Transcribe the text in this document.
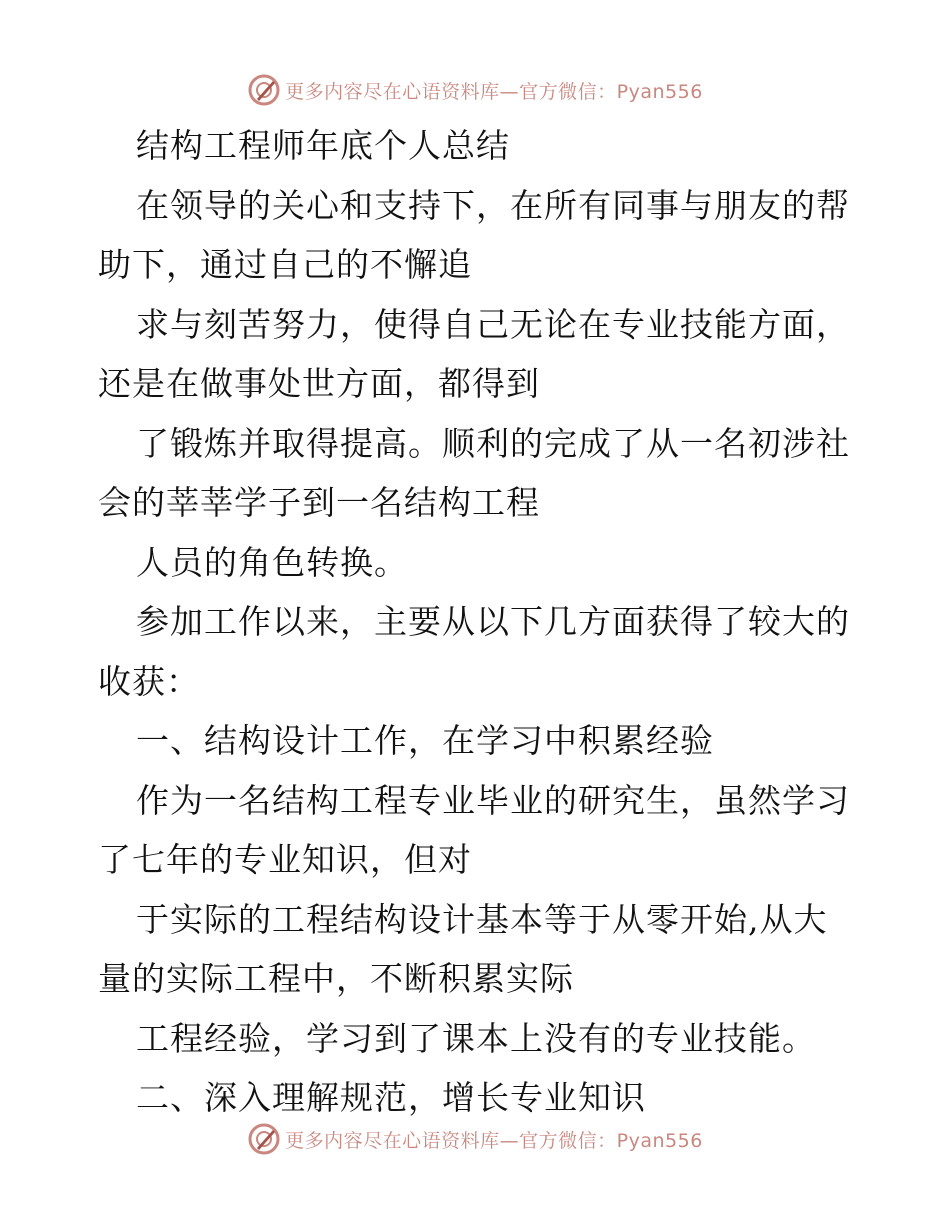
更多内容尽在心语资料库—官方微信：Pyan556
结构工程师年底个人总结
在领导的关心和支持下，在所有同事与朋友的帮
助下，通过自己的不懈追
求与刻苦努力，使得自己无论在专业技能方面，
还是在做事处世方面，都得到
了锻炼并取得提高。顺利的完成了从一名初涉社
会的莘莘学子到一名结构工程
人员的角色转换。
参加工作以来，主要从以下几方面获得了较大的
收获：
一、结构设计工作，在学习中积累经验
作为一名结构工程专业毕业的研究生，虽然学习
了七年的专业知识，但对
于实际的工程结构设计基本等于从零开始,从大
量的实际工程中，不断积累实际
工程经验，学习到了课本上没有的专业技能。
二、深入理解规范，增长专业知识
更多内容尽在心语资料库—官方微信：Pyan556
